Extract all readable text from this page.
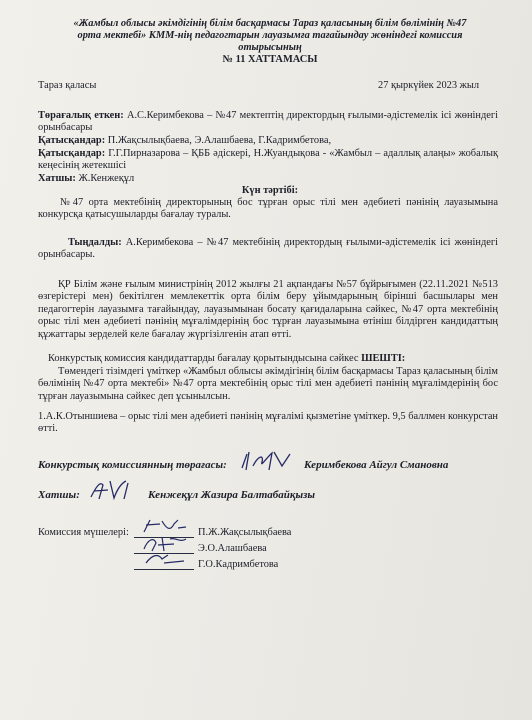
«Жамбыл облысы әкімдігінің білім басқармасы Тараз қаласының білім бөлімінің №47
орта мектебі» КММ-нің педагогтарын лауазымға тағайындау жөніндегі комиссия
отырысының
№ 11 ХАТТАМАСЫ
Тараз қаласы	27 қыркүйек 2023 жыл
Төрағалық еткен: А.С.Керимбекова – №47 мектептің директордың ғылыми-әдістемелік ісі жөніндегі орынбасары
Қатысқандар: П.Жақсылықбаева, Э.Алашбаева, Г.Кадримбетова,
Қатысқандар: Г.Г.Пирназарова – ҚББ әдіскері, Н.Жуандықова - «Жамбыл – адаллық алаңы» жобалық кеңесінің жетекшісі
Хатшы: Ж.Кенжеқұл
Күн тәртібі:
№47 орта мектебінің директорының бос тұрған орыс тілі мен әдебиеті пәнінің лауазымына конкурсқа қатысушыларды бағалау туралы.
Тыңдалды: А.Керимбекова – №47 мектебінің директордың ғылыми-әдістемелік ісі жөніндегі орынбасары.
ҚР Білім және ғылым министрінің 2012 жылғы 21 ақпандағы №57 бұйрығымен (22.11.2021 №513 өзгерістері мен) бекітілген мемлекеттік орта білім беру ұйымдарының бірінші басшылары мен педагогтерін лауазымға тағайындау, лауазымынан босату қағидаларына сәйкес, №47 орта мектебінің орыс тілі мен әдебиеті пәнінің мұғалімдерінің бос тұрған лауазымына өтініш білдірген кандидаттың құжаттары зерделей келе бағалау жүргізілгенін атап өтті.
Конкурстық комиссия кандидаттарды бағалау қорытындысына сәйкес ШЕШТІ:
Төмендегі тізімдегі үміткер «Жамбыл облысы әкімдігінің білім басқармасы Тараз қаласының білім бөлімінің №47 орта мектебі» №47 орта мектебінің орыс тілі мен әдебиеті пәнінің мұғалімдерінің бос тұрған лауазымына сәйкес деп ұсынылсын.
1.А.К.Отыншиева – орыс тілі мен әдебиеті пәнінің мұғалімі қызметіне үміткер. 9,5 баллмен конкурстан өтті.
Конкурстық комиссиянның төрағасы:	Керимбекова Айгул Смановна
Хатшы:	Кенжеқұл Жазира Балтабайқызы
Комиссия мүшелері:	П.Ж.Жақсылықбаева
Э.О.Алашбаева
Г.О.Кадримбетова
